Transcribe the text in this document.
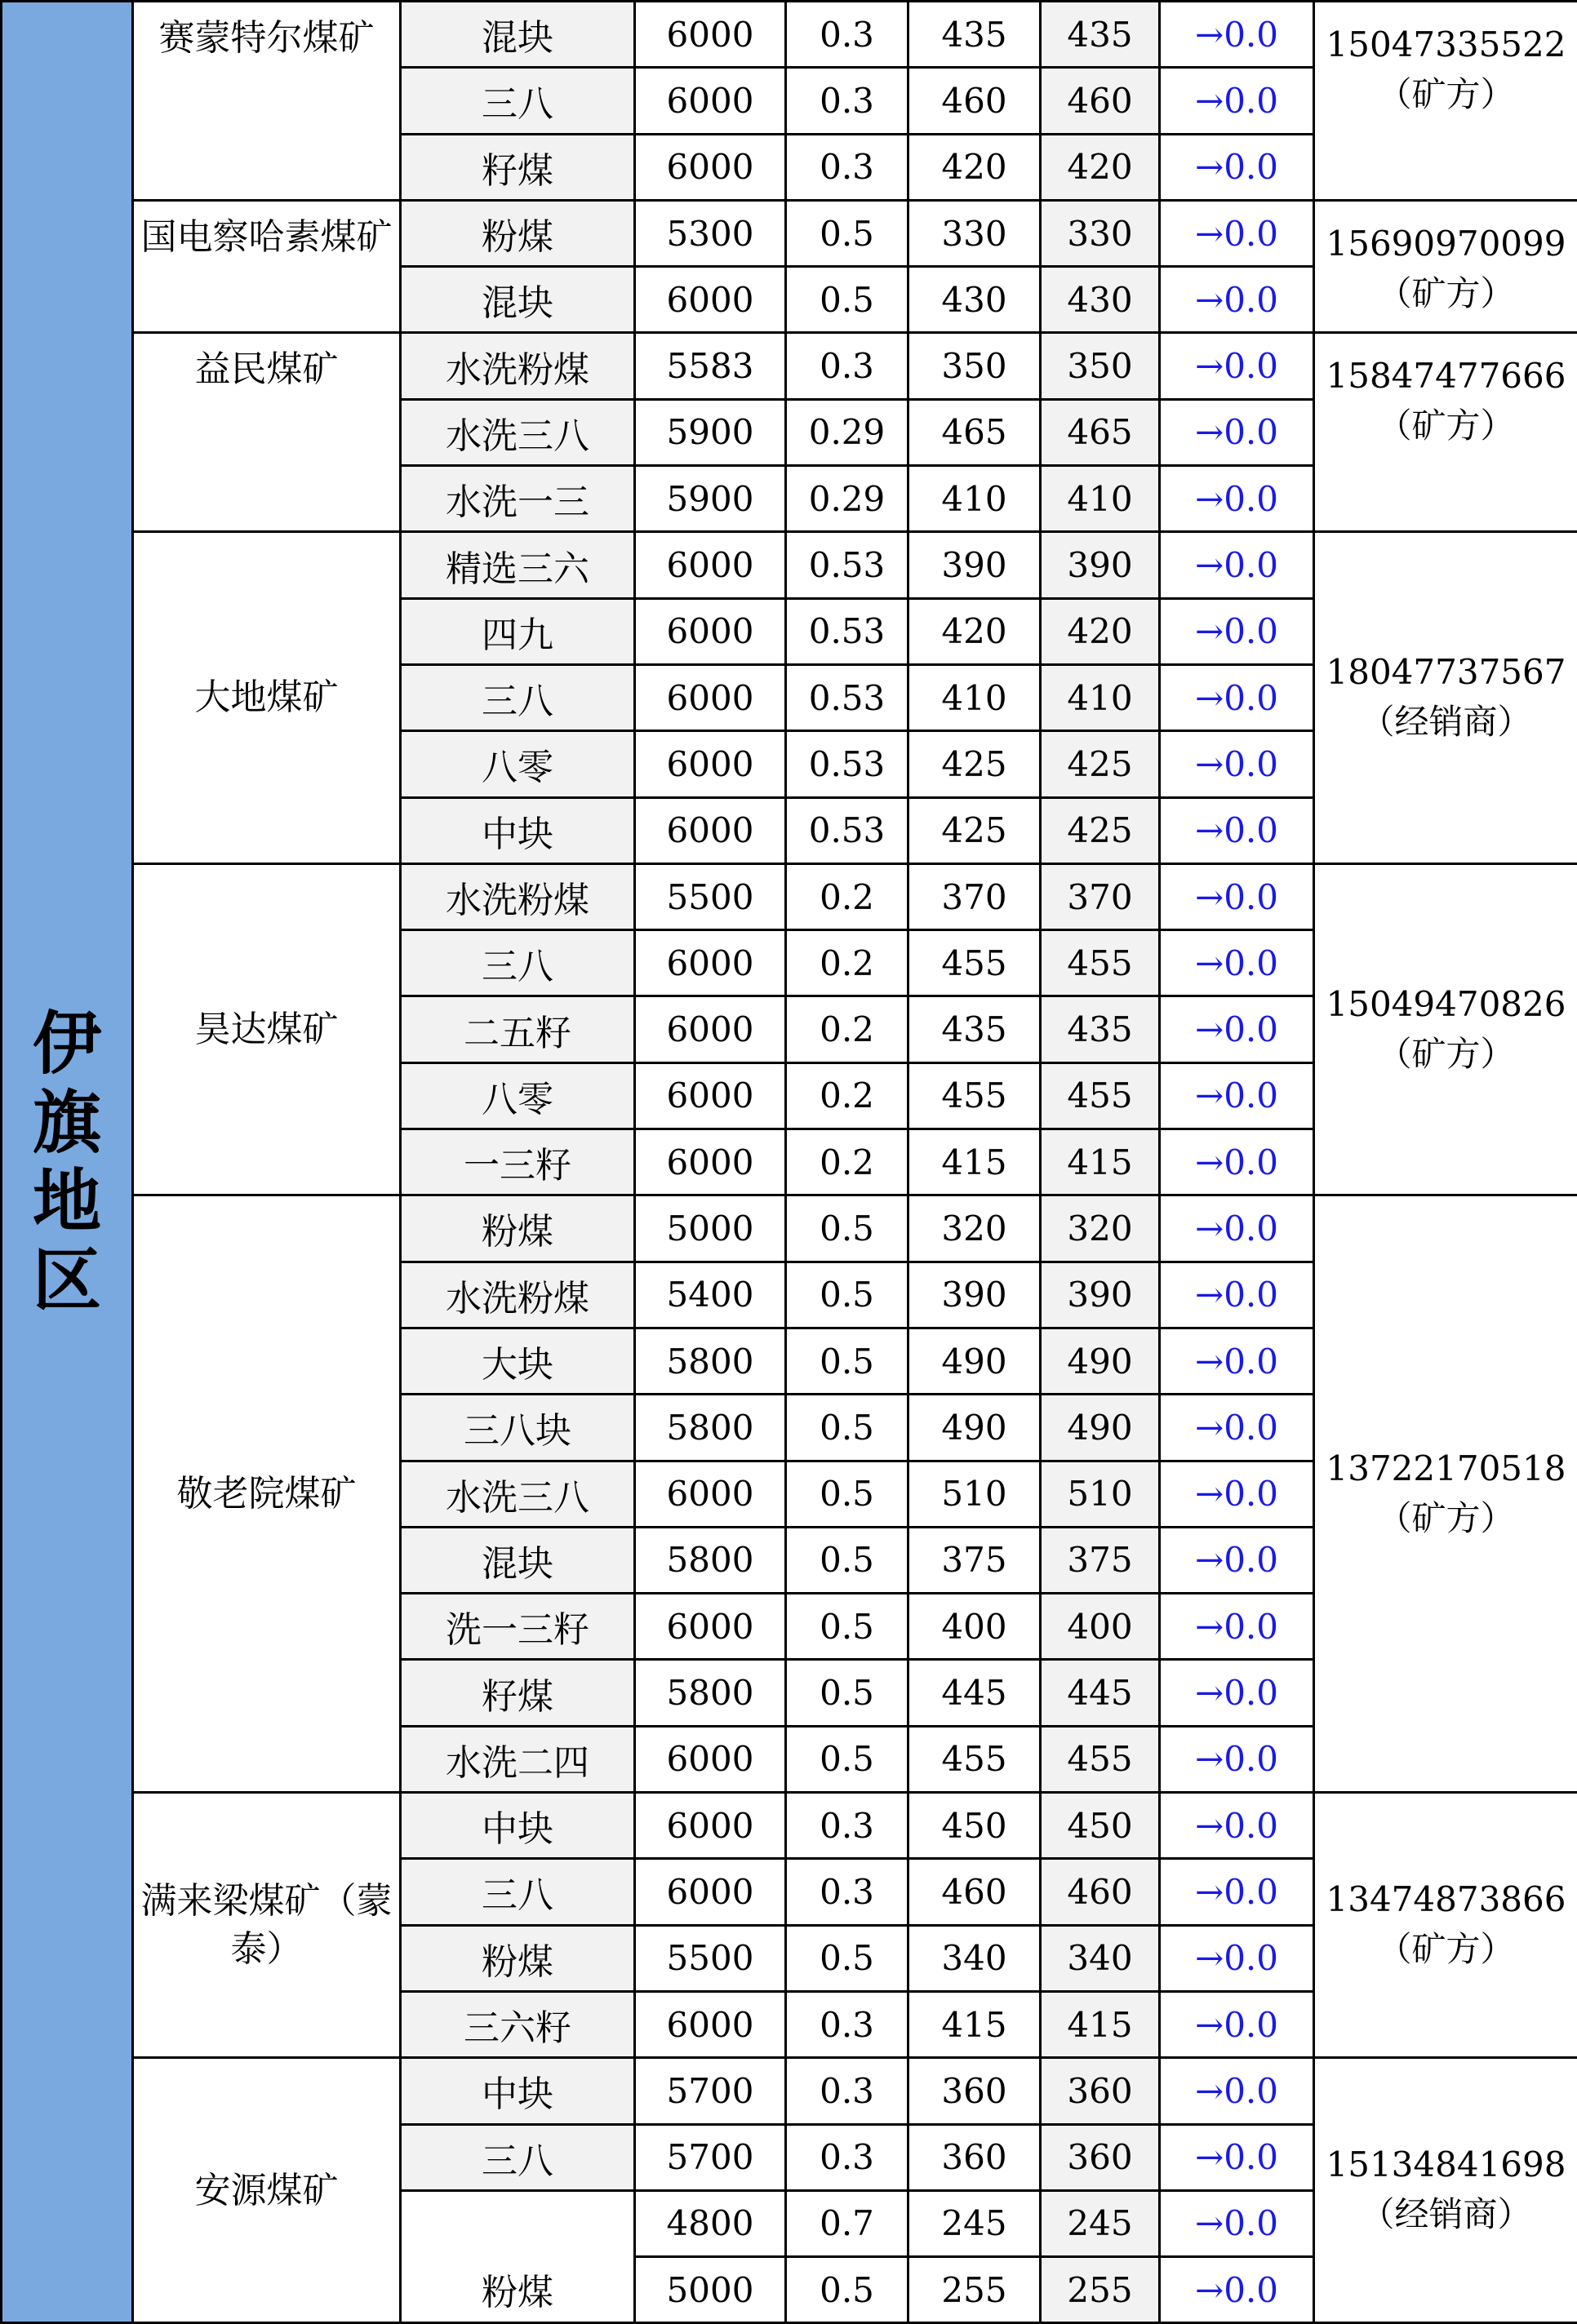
伊旗地区	赛蒙特尔煤矿	混块	6000	0.3	435	435	→0.0	15047335522
（矿方）

		三八	6000	0.3	460	460	→0.0	
		籽煤	6000	0.3	420	420	→0.0	
	国电察哈素煤矿	粉煤	5300	0.5	330	330	→0.0	15690970099
（矿方）

		混块	6000	0.5	430	430	→0.0	
	益民煤矿	水洗粉煤	5583	0.3	350	350	→0.0	15847477666
（矿方）

		水洗三八	5900	0.29	465	465	→0.0	
		水洗一三	5900	0.29	410	410	→0.0	
	大地煤矿	精选三六	6000	0.53	390	390	→0.0	18047737567
（经销商）

		四九	6000	0.53	420	420	→0.0	
		三八	6000	0.53	410	410	→0.0	
		八零	6000	0.53	425	425	→0.0	
		中块	6000	0.53	425	425	→0.0	
	昊达煤矿	水洗粉煤	5500	0.2	370	370	→0.0	15049470826
（矿方）

		三八	6000	0.2	455	455	→0.0	
		二五籽	6000	0.2	435	435	→0.0	
		八零	6000	0.2	455	455	→0.0	
		一三籽	6000	0.2	415	415	→0.0	
	敬老院煤矿	粉煤	5000	0.5	320	320	→0.0	13722170518
（矿方）

		水洗粉煤	5400	0.5	390	390	→0.0	
		大块	5800	0.5	490	490	→0.0	
		三八块	5800	0.5	490	490	→0.0	
		水洗三八	6000	0.5	510	510	→0.0	
		混块	5800	0.5	375	375	→0.0	
		洗一三籽	6000	0.5	400	400	→0.0	
		籽煤	5800	0.5	445	445	→0.0	
		水洗二四	6000	0.5	455	455	→0.0	
	满来梁煤矿（蒙泰）	中块	6000	0.3	450	450	→0.0	13474873866
（矿方）

		三八	6000	0.3	460	460	→0.0	
		粉煤	5500	0.5	340	340	→0.0	
		三六籽	6000	0.3	415	415	→0.0	
	安源煤矿	中块	5700	0.3	360	360	→0.0	15134841698
（经销商）

		三八	5700	0.3	360	360	→0.0	
		粉煤	4800	0.7	245	245	→0.0	
			5000	0.5	255	255	→0.0	
